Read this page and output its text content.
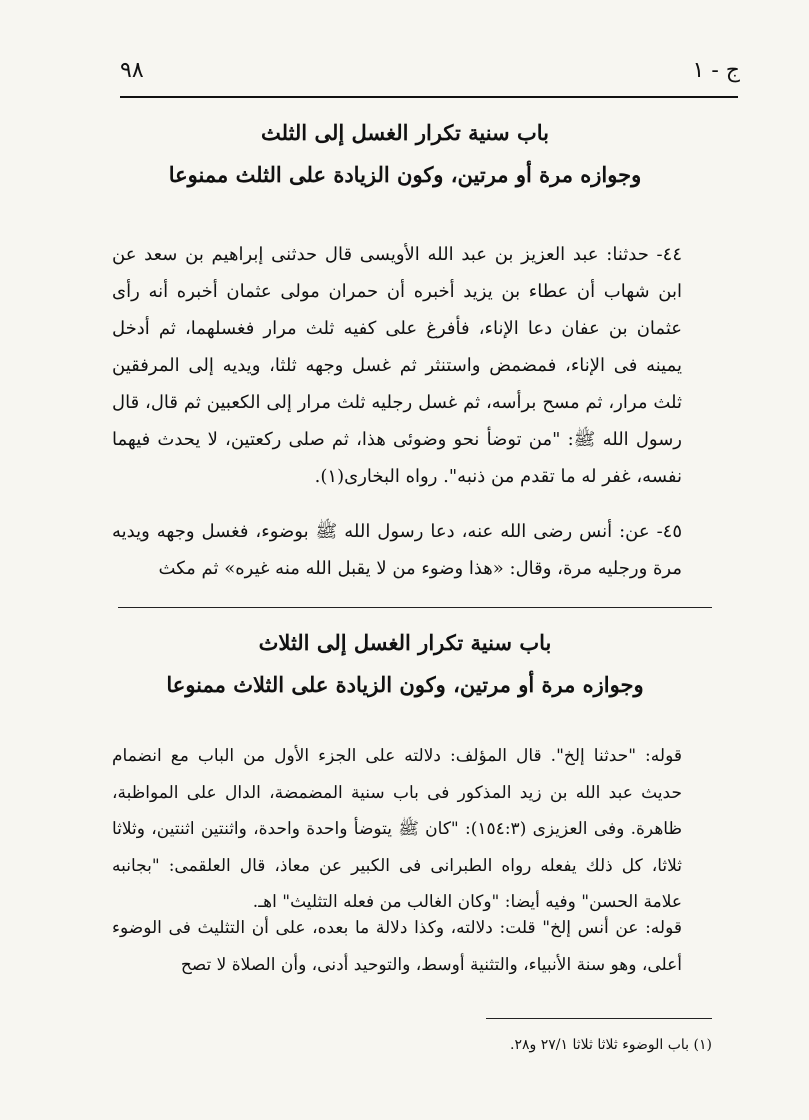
٩٨	ج - ١
باب سنية تكرار الغسل إلى الثلث
وجوازه مرة أو مرتين، وكون الزيادة على الثلث ممنوعا

٤٤- حدثنا: عبد العزيز بن عبد الله الأويسى قال حدثنى إبراهيم بن سعد عن ابن شهاب أن عطاء بن يزيد أخبره أن حمران مولى عثمان أخبره أنه رأى عثمان بن عفان دعا الإناء، فأفرغ على كفيه ثلث مرار فغسلهما، ثم أدخل يمينه فى الإناء، فمضمض واستنثر ثم غسل وجهه ثلثا، ويديه إلى المرفقين ثلث مرار، ثم مسح برأسه، ثم غسل رجليه ثلث مرار إلى الكعبين ثم قال، قال رسول الله ﷺ: "من توضأ نحو وضوئى هذا، ثم صلى ركعتين، لا يحدث فيهما نفسه، غفر له ما تقدم من ذنبه". رواه البخارى(١).

٤٥- عن: أنس رضى الله عنه، دعا رسول الله ﷺ بوضوء، فغسل وجهه ويديه مرة ورجليه مرة، وقال: «هذا وضوء من لا يقبل الله منه غيره» ثم مكث

باب سنية تكرار الغسل إلى الثلاث
وجوازه مرة أو مرتين، وكون الزيادة على الثلاث ممنوعا

قوله: "حدثنا إلخ". قال المؤلف: دلالته على الجزء الأول من الباب مع انضمام حديث عبد الله بن زيد المذكور فى باب سنية المضمضة، الدال على المواظبة، ظاهرة. وفى العزيزى (١٥٤:٣): "كان ﷺ يتوضأ واحدة واحدة، واثنتين اثنتين، وثلاثا ثلاثا، كل ذلك يفعله رواه الطبرانى فى الكبير عن معاذ، قال العلقمى: "بجانبه علامة الحسن" وفيه أيضا: "وكان الغالب من فعله التثليث" اهـ.

قوله: عن أنس إلخ" قلت: دلالته، وكذا دلالة ما بعده، على أن التثليث فى الوضوء أعلى، وهو سنة الأنبياء، والتثنية أوسط، والتوحيد أدنى، وأن الصلاة لا تصح

(١) باب الوضوء ثلاثا ثلاثا ٢٧/١ و٢٨.
